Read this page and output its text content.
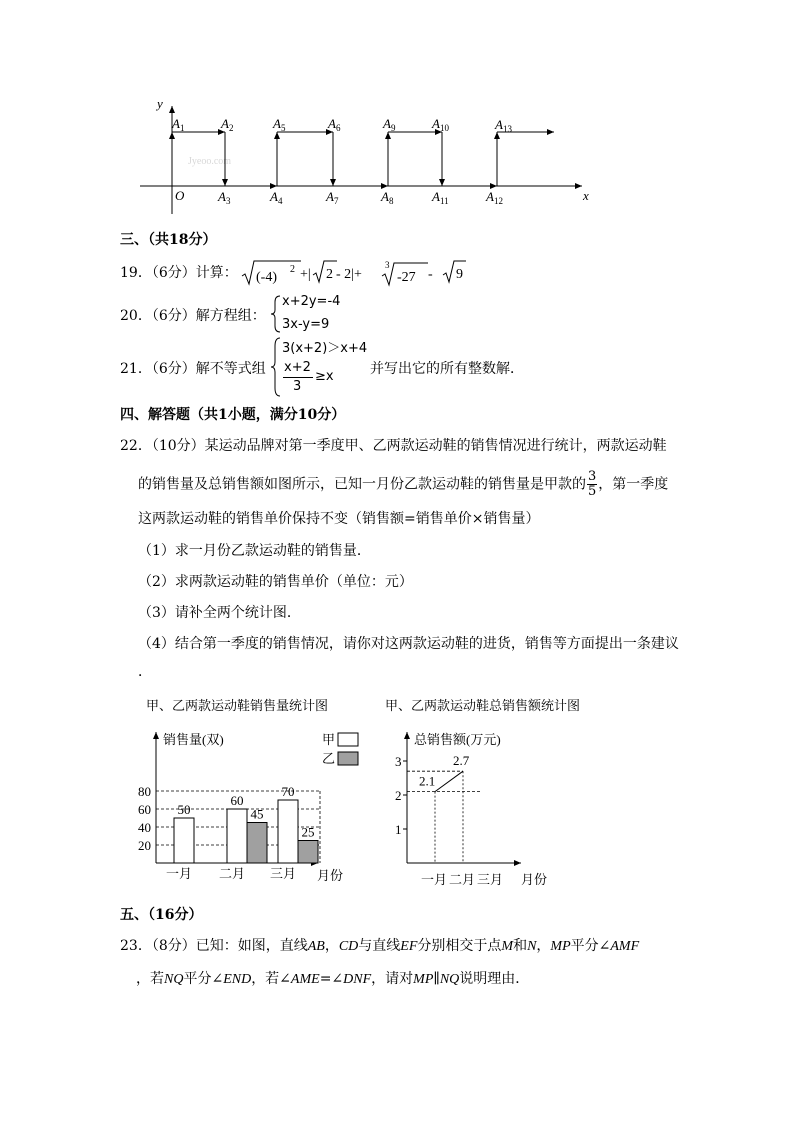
y
x
O
Jyeoo.com
$A_1$	$A_2$	$A_5$	$A_6$	$A_9$	$A_{10}$	$A_{13}$
$A_3$	$A_4$	$A_7$	$A_8$	$A_{11}$	$A_{12}$
三、（共18分）
19．（6分）计算： (-4)
2 +| 2 - 2|+
3
-27 - 9
20．（6分）解方程组：
x+2y=-4
3x-y=9
21．（6分）解不等式组
3(x+2)＞x+4
x+2
3
≥x	并写出它的所有整数解．
四、解答题（共1小题，满分10分）
22．（10分）某运动品牌对第一季度甲、乙两款运动鞋的销售情况进行统计，两款运动鞋
的销售量及总销售额如图所示，已知一月份乙款运动鞋的销售量是甲款的 $\frac{3}{5}$ ，第一季度
这两款运动鞋的销售单价保持不变（销售额=销售单价×销售量）
（1）求一月份乙款运动鞋的销售量．
（2）求两款运动鞋的销售单价（单位：元）
（3）请补全两个统计图．
（4）结合第一季度的销售情况，请你对这两款运动鞋的进货，销售等方面提出一条建议
．
甲、乙两款运动鞋销售量统计图	甲、乙两款运动鞋总销售额统计图
销售量(双)
月份
甲
乙
20
40
60
80
一月
50
二月
60
45
三月
70
25
总销售额(万元)
月份
1
2
3
2.1
2.7
一月 二月 三月
五、（16分）
23．（8分）已知：如图，直线AB，CD与直线EF分别相交于点M和N，MP平分∠AMF
，若NQ平分∠END，若∠AME=∠DNF，请对MP∥NQ说明理由．
